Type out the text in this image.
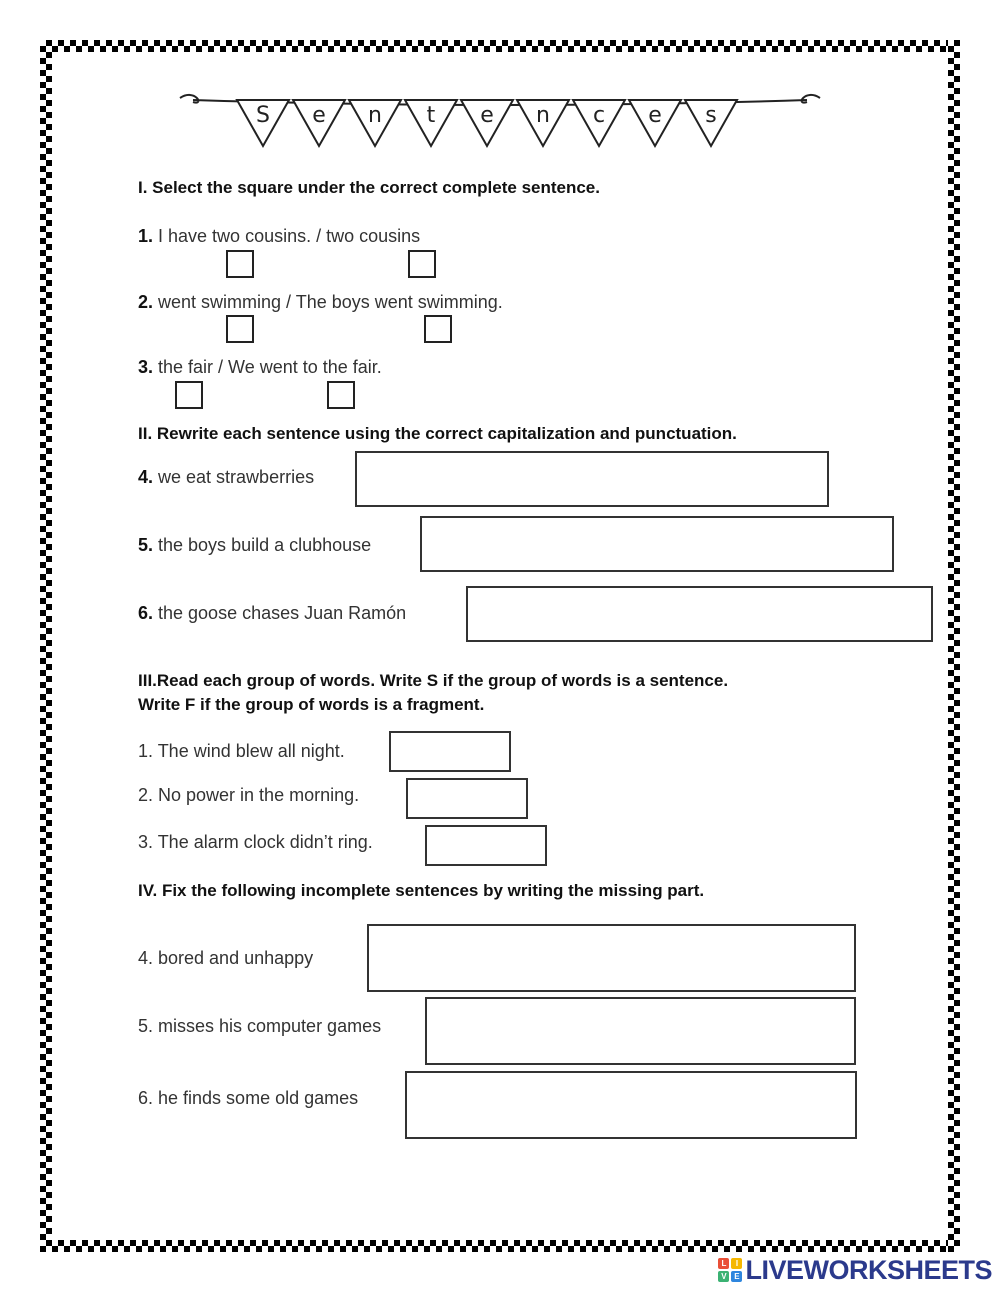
S e n t e n c e s
I. Select the square under the correct complete sentence.
1. I have two cousins. / two cousins
2. went swimming / The boys went swimming.
3. the fair / We went to the fair.
II. Rewrite each sentence using the correct capitalization and punctuation.
4. we eat strawberries
5. the boys build a clubhouse
6. the goose chases Juan Ramón
III.Read each group of words. Write S if the group of words is a sentence.
Write F if the group of words is a fragment.
1. The wind blew all night.
2. No power in the morning.
3. The alarm clock didn’t ring.
IV. Fix the following incomplete sentences by writing the missing part.
4. bored and unhappy
5. misses his computer games
6. he finds some old games
L	I
V E LIVEWORKSHEETS
